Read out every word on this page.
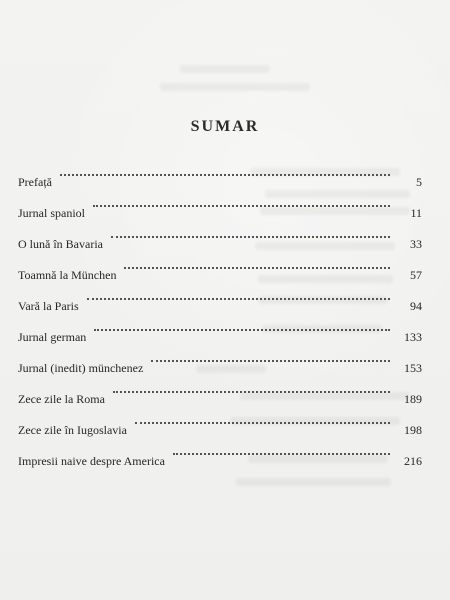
SUMAR
Prefață	5
Jurnal spaniol	11
O lună în Bavaria	33
Toamnă la München	57
Vară la Paris	94
Jurnal german	133
Jurnal (inedit) münchenez	153
Zece zile la Roma	189
Zece zile în Iugoslavia	198
Impresii naive despre America	216
